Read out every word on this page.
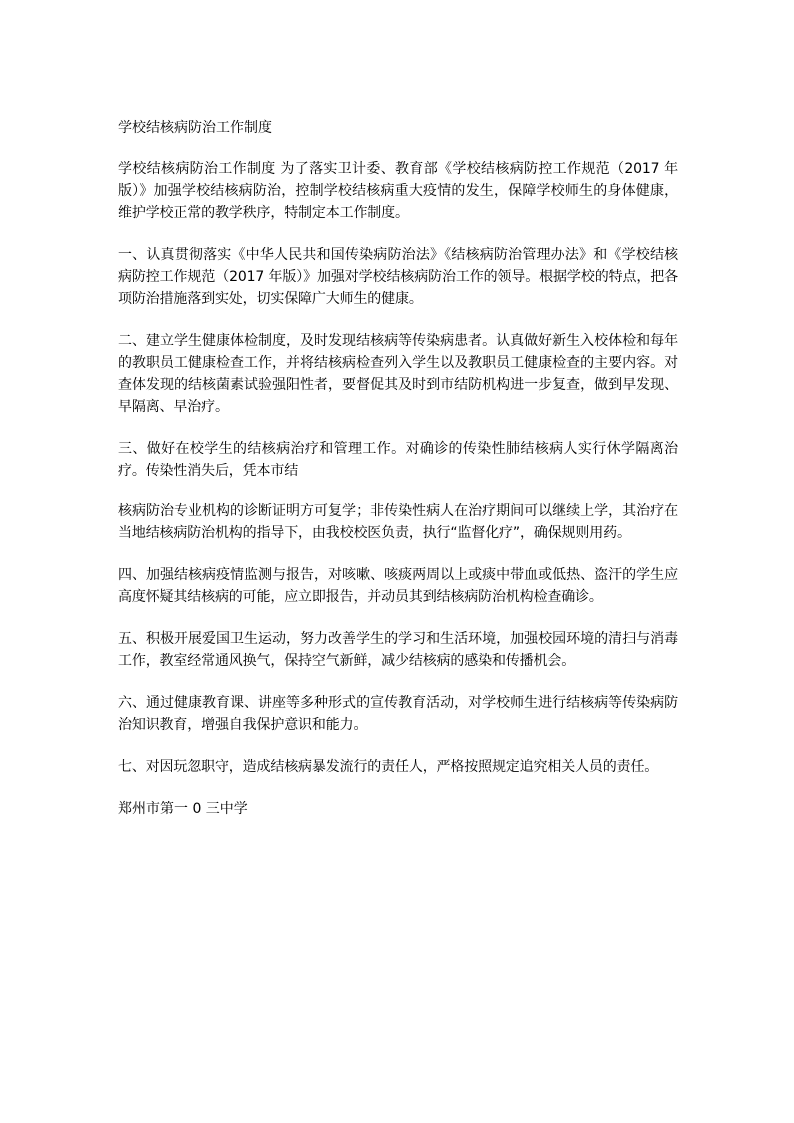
学校结核病防治工作制度

学校结核病防治工作制度 为了落实卫计委、教育部《学校结核病防控工作规范（2017 年版）》加强学校结核病防治，控制学校结核病重大疫情的发生，保障学校师生的身体健康，维护学校正常的教学秩序，特制定本工作制度。

一、认真贯彻落实《中华人民共和国传染病防治法》《结核病防治管理办法》和《学校结核病防控工作规范（2017 年版）》加强对学校结核病防治工作的领导。根据学校的特点，把各项防治措施落到实处，切实保障广大师生的健康。

二、建立学生健康体检制度，及时发现结核病等传染病患者。认真做好新生入校体检和每年的教职员工健康检查工作，并将结核病检查列入学生以及教职员工健康检查的主要内容。对查体发现的结核菌素试验强阳性者，要督促其及时到市结防机构进一步复查，做到早发现、早隔离、早治疗。

三、做好在校学生的结核病治疗和管理工作。对确诊的传染性肺结核病人实行休学隔离治疗。传染性消失后，凭本市结

核病防治专业机构的诊断证明方可复学；非传染性病人在治疗期间可以继续上学，其治疗在当地结核病防治机构的指导下，由我校校医负责，执行“监督化疗”，确保规则用药。

四、加强结核病疫情监测与报告，对咳嗽、咳痰两周以上或痰中带血或低热、盗汗的学生应高度怀疑其结核病的可能，应立即报告，并动员其到结核病防治机构检查确诊。

五、积极开展爱国卫生运动，努力改善学生的学习和生活环境，加强校园环境的清扫与消毒工作，教室经常通风换气，保持空气新鲜，减少结核病的感染和传播机会。

六、通过健康教育课、讲座等多种形式的宣传教育活动，对学校师生进行结核病等传染病防治知识教育，增强自我保护意识和能力。

七、对因玩忽职守，造成结核病暴发流行的责任人，严格按照规定追究相关人员的责任。

郑州市第一 0 三中学
